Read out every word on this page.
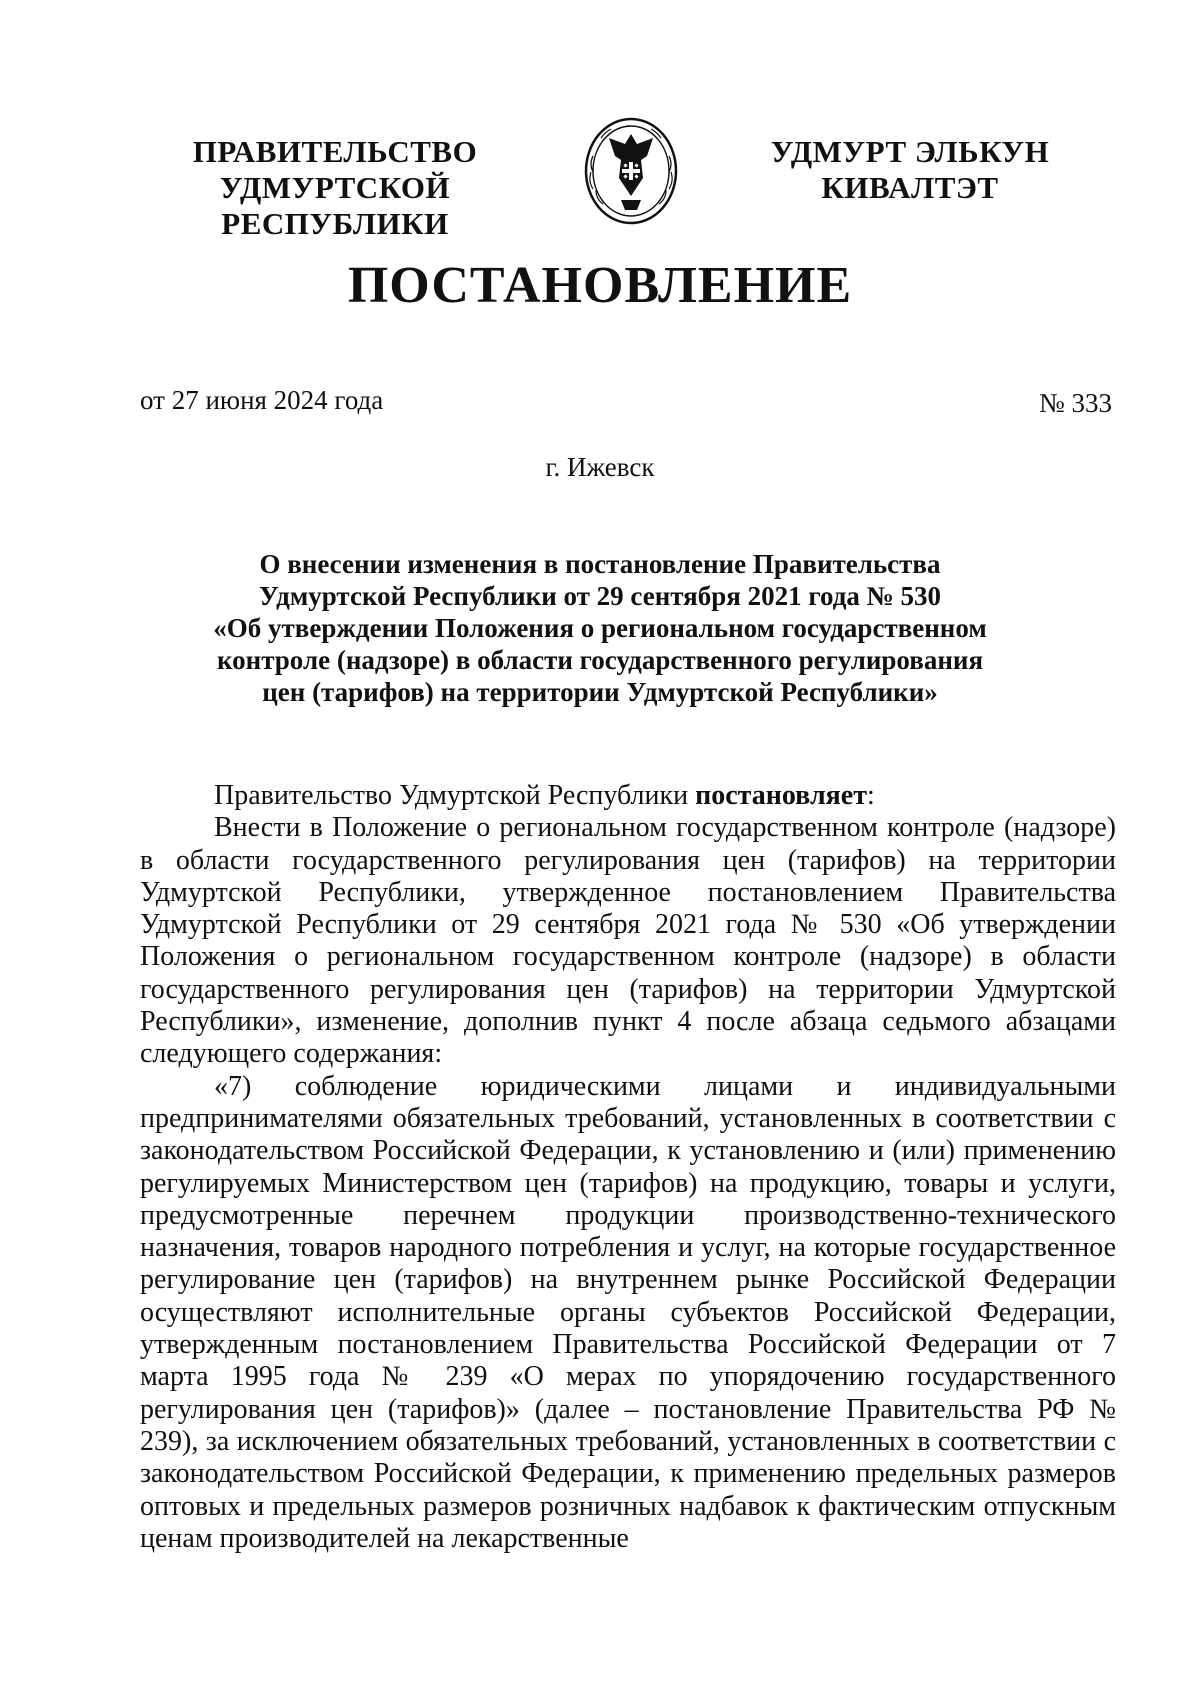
ПРАВИТЕЛЬСТВО
УДМУРТСКОЙ РЕСПУБЛИКИ
УДМУРТ ЭЛЬКУН
КИВАЛТЭТ
ПОСТАНОВЛЕНИЕ
от 27 июня 2024 года	№ 333
г. Ижевск
О внесении изменения в постановление Правительства
Удмуртской Республики от 29 сентября 2021 года № 530
«Об утверждении Положения о региональном государственном
контроле (надзоре) в области государственного регулирования
цен (тарифов) на территории Удмуртской Республики»

Правительство Удмуртской Республики постановляет:

Внести в Положение о региональном государственном контроле (надзоре) в области государственного регулирования цен (тарифов) на территории Удмуртской Республики, утвержденное постановлением Правительства Удмуртской Республики от 29 сентября 2021 года № 530 «Об утверждении Положения о региональном государственном контроле (надзоре) в области государственного регулирования цен (тарифов) на территории Удмуртской Республики», изменение, дополнив пункт 4 после абзаца седьмого абзацами следующего содержания:

«7) соблюдение юридическими лицами и индивидуальными предпринимателями обязательных требований, установленных в соответствии с законодательством Российской Федерации, к установлению и (или) применению регулируемых Министерством цен (тарифов) на продукцию, товары и услуги, предусмотренные перечнем продукции производственно-технического назначения, товаров народного потребления и услуг, на которые государственное регулирование цен (тарифов) на внутреннем рынке Российской Федерации осуществляют исполнительные органы субъектов Российской Федерации, утвержденным постановлением Правительства Российской Федерации от 7 марта 1995 года № 239 «О мерах по упорядочению государственного регулирования цен (тарифов)» (далее – постановление Правительства РФ № 239), за исключением обязательных требований, установленных в соответствии с законодательством Российской Федерации, к применению предельных размеров оптовых и предельных размеров розничных надбавок к фактическим отпускным ценам производителей на лекарственные
